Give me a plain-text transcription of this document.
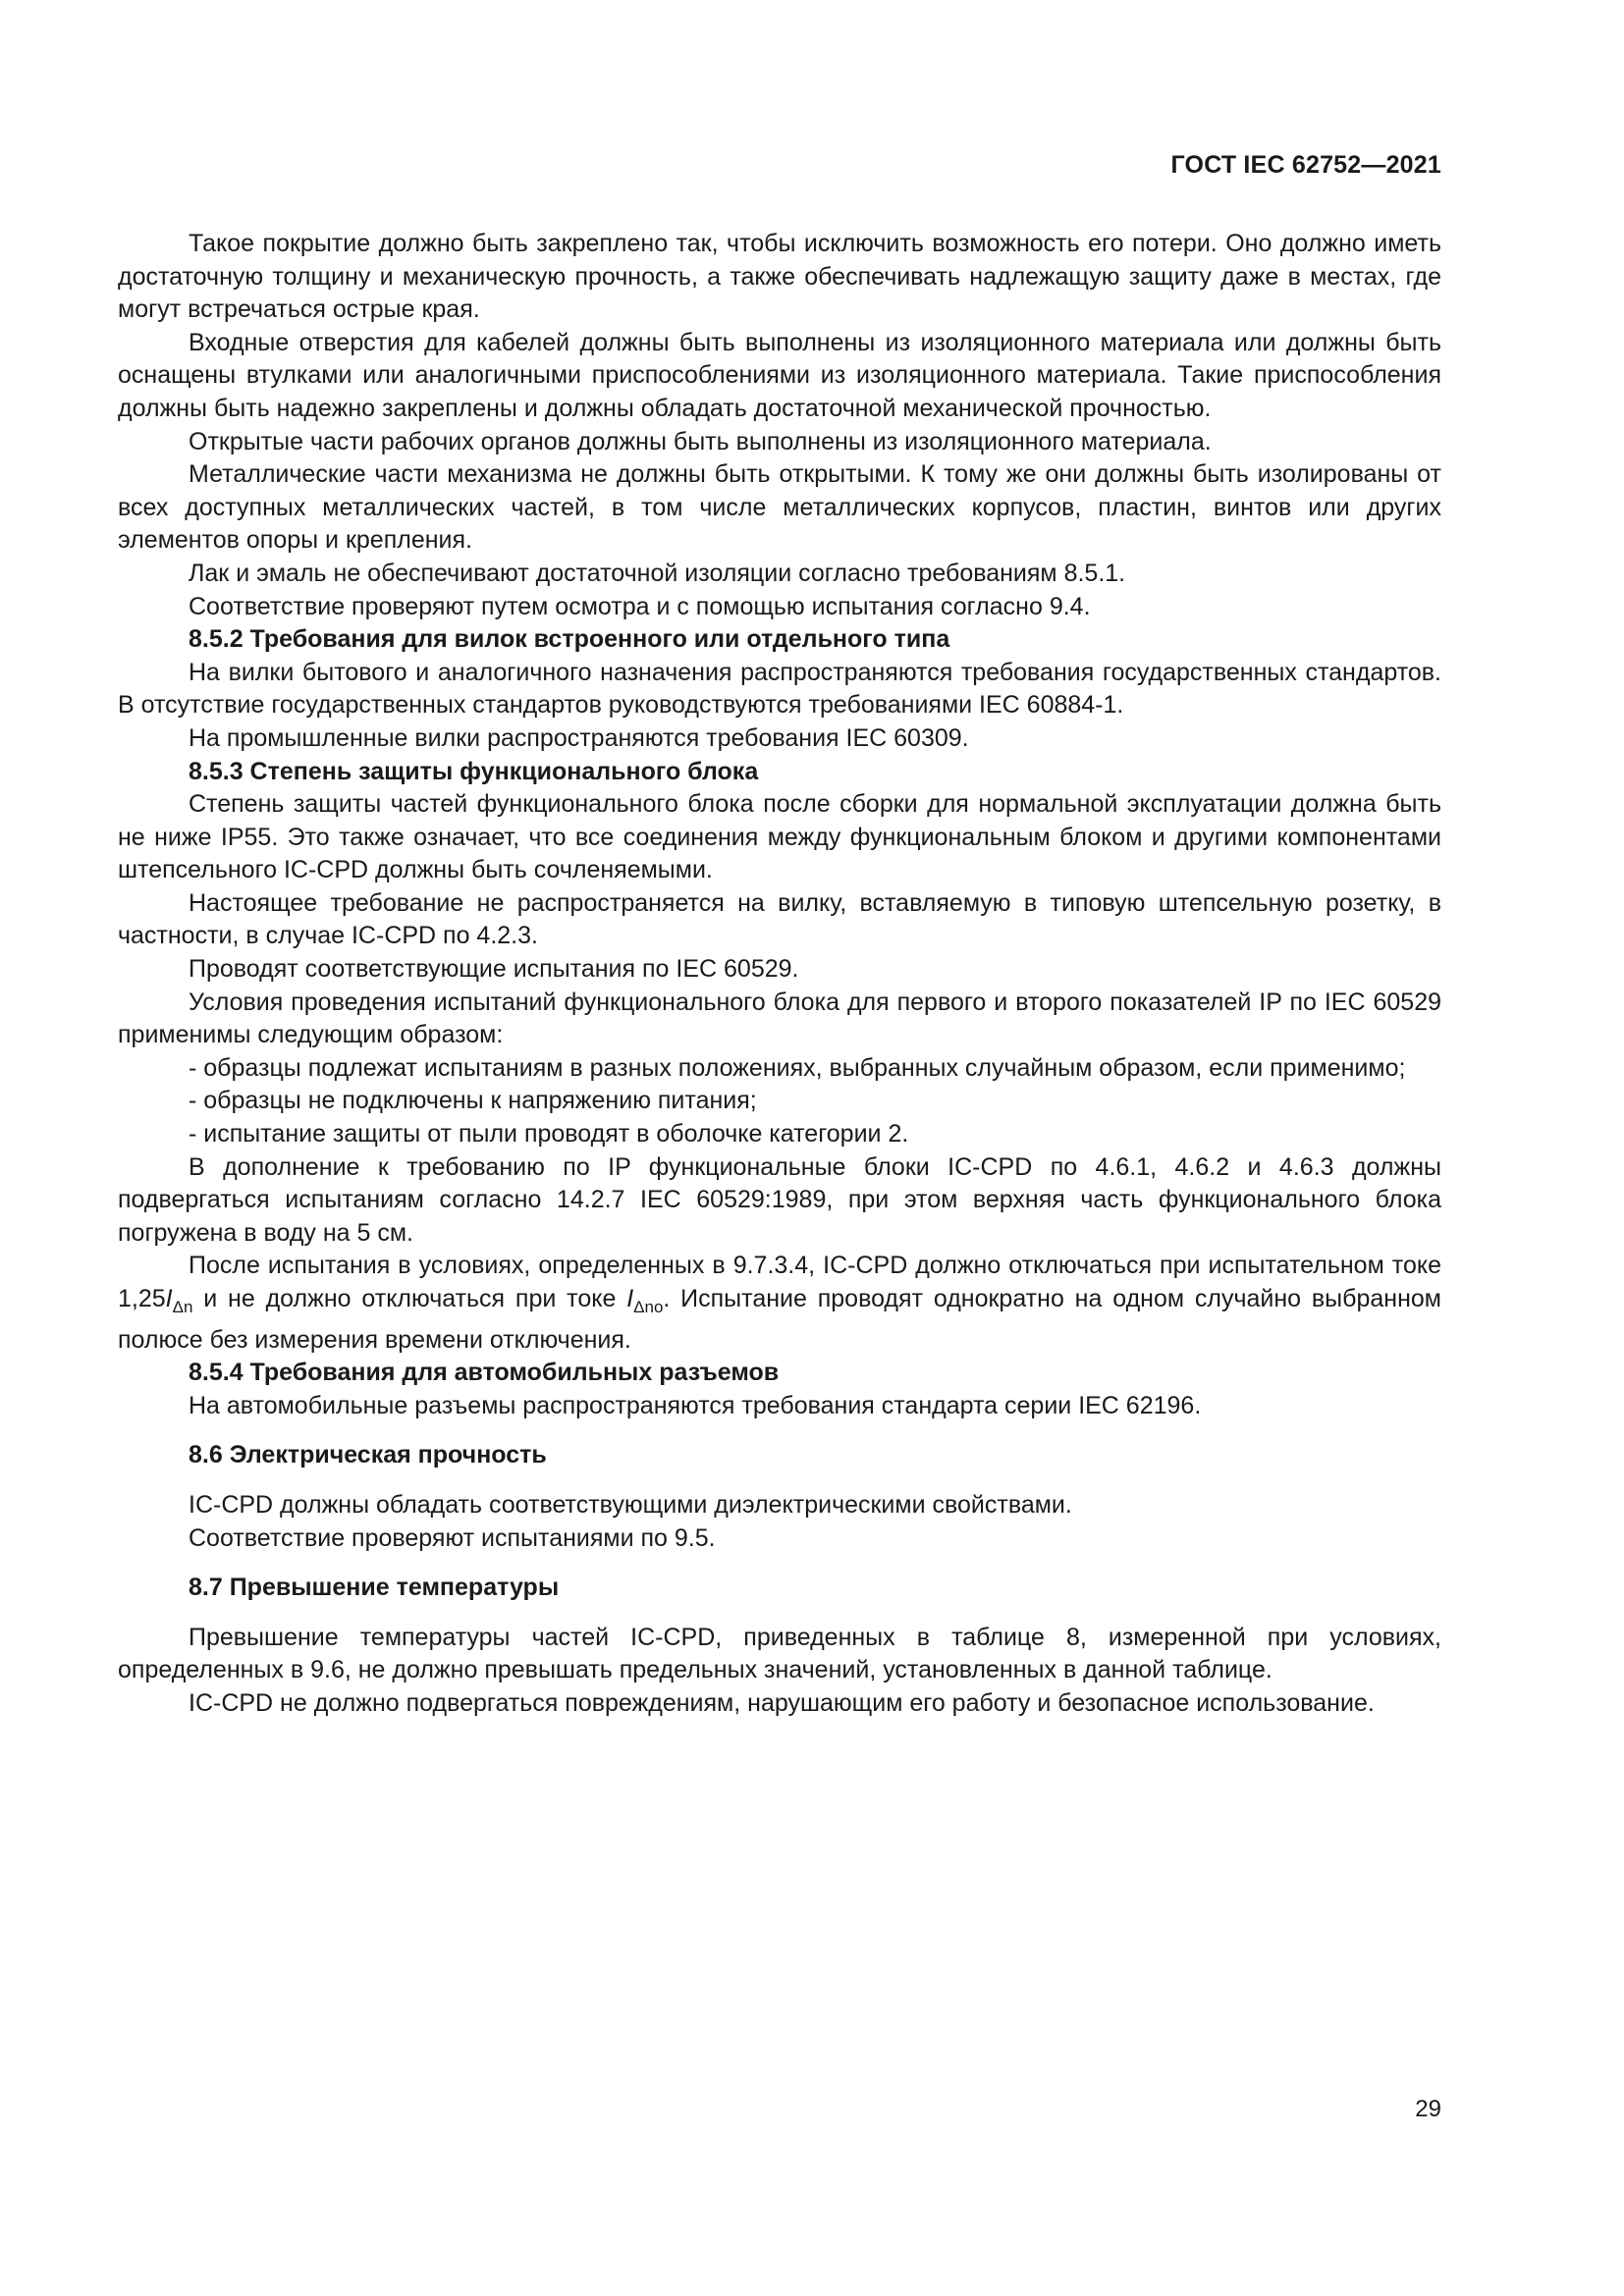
ГОСТ IEC 62752—2021

Такое покрытие должно быть закреплено так, чтобы исключить возможность его потери. Оно должно иметь достаточную толщину и механическую прочность, а также обеспечивать надлежащую защиту даже в местах, где могут встречаться острые края.

Входные отверстия для кабелей должны быть выполнены из изоляционного материала или должны быть оснащены втулками или аналогичными приспособлениями из изоляционного материала. Такие приспособления должны быть надежно закреплены и должны обладать достаточной механической прочностью.

Открытые части рабочих органов должны быть выполнены из изоляционного материала.

Металлические части механизма не должны быть открытыми. К тому же они должны быть изолированы от всех доступных металлических частей, в том числе металлических корпусов, пластин, винтов или других элементов опоры и крепления.

Лак и эмаль не обеспечивают достаточной изоляции согласно требованиям 8.5.1.

Соответствие проверяют путем осмотра и с помощью испытания согласно 9.4.

8.5.2 Требования для вилок встроенного или отдельного типа

На вилки бытового и аналогичного назначения распространяются требования государственных стандартов. В отсутствие государственных стандартов руководствуются требованиями IEC 60884-1.

На промышленные вилки распространяются требования IEC 60309.

8.5.3 Степень защиты функционального блока

Степень защиты частей функционального блока после сборки для нормальной эксплуатации должна быть не ниже IP55. Это также означает, что все соединения между функциональным блоком и другими компонентами штепсельного IC-CPD должны быть сочленяемыми.

Настоящее требование не распространяется на вилку, вставляемую в типовую штепсельную розетку, в частности, в случае IC-CPD по 4.2.3.

Проводят соответствующие испытания по IEC 60529.

Условия проведения испытаний функционального блока для первого и второго показателей IP по IEC 60529 применимы следующим образом:

- образцы подлежат испытаниям в разных положениях, выбранных случайным образом, если применимо;

- образцы не подключены к напряжению питания;

- испытание защиты от пыли проводят в оболочке категории 2.

В дополнение к требованию по IP функциональные блоки IC-CPD по 4.6.1, 4.6.2 и 4.6.3 должны подвергаться испытаниям согласно 14.2.7 IEC 60529:1989, при этом верхняя часть функционального блока погружена в воду на 5 см.

После испытания в условиях, определенных в 9.7.3.4, IC-CPD должно отключаться при испытательном токе $1,25I_{\Delta n}$ и не должно отключаться при токе $I_{\Delta no}$. Испытание проводят однократно на одном случайно выбранном полюсе без измерения времени отключения.

8.5.4 Требования для автомобильных разъемов

На автомобильные разъемы распространяются требования стандарта серии IEC 62196.

8.6 Электрическая прочность

IC-CPD должны обладать соответствующими диэлектрическими свойствами.

Соответствие проверяют испытаниями по 9.5.

8.7 Превышение температуры

Превышение температуры частей IC-CPD, приведенных в таблице 8, измеренной при условиях, определенных в 9.6, не должно превышать предельных значений, установленных в данной таблице.

IC-CPD не должно подвергаться повреждениям, нарушающим его работу и безопасное использование.

29
